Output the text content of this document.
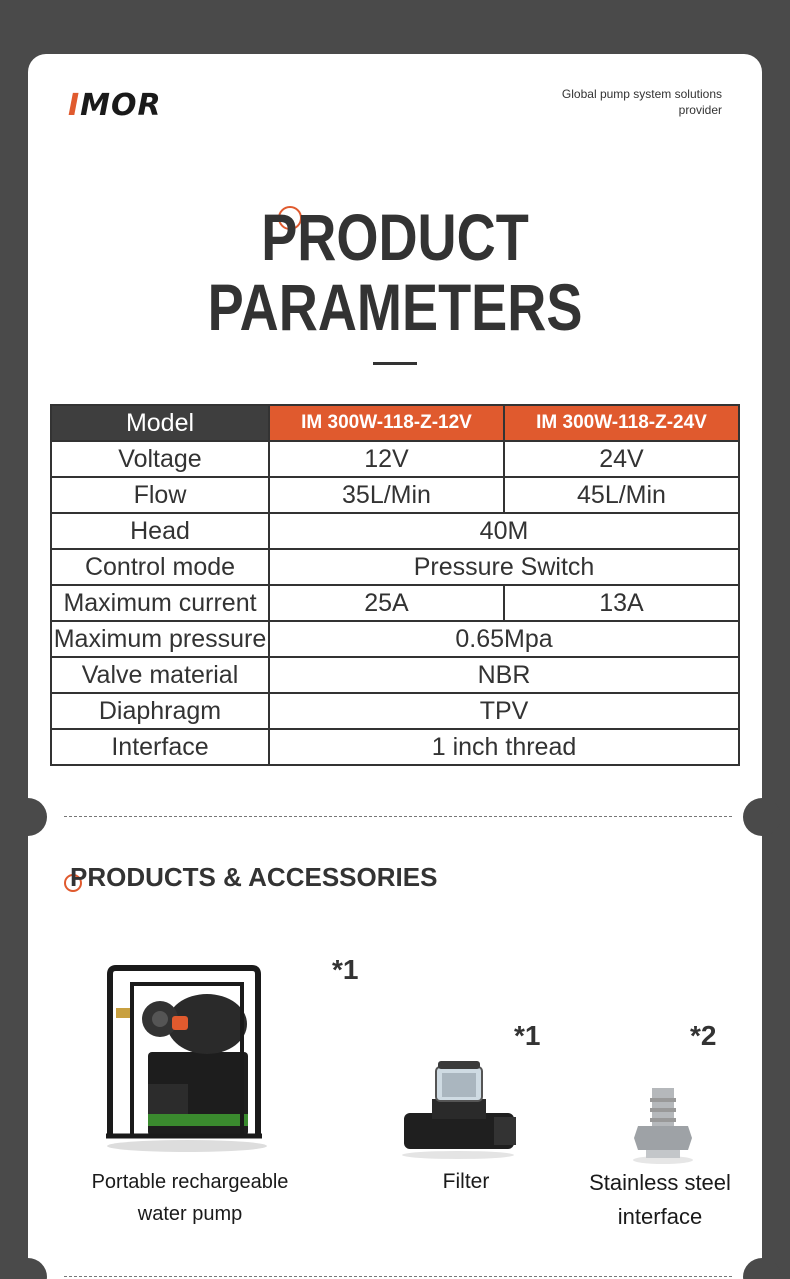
IMOR	Global pump system solutions provider
PRODUCT
PARAMETERS
Model	IM 300W-118-Z-12V	IM 300W-118-Z-24V
Voltage	12V	24V
Flow	35L/Min	45L/Min
Head	40M	
Control mode	Pressure Switch	
Maximum current	25A	13A
Maximum pressure	0.65Mpa	
Valve material	NBR	
Diaphragm	TPV	
Interface	1 inch thread	
PRODUCTS & ACCESSORIES
*1
Portable rechargeable water pump
*1
Filter
*2
Stainless steel interface
